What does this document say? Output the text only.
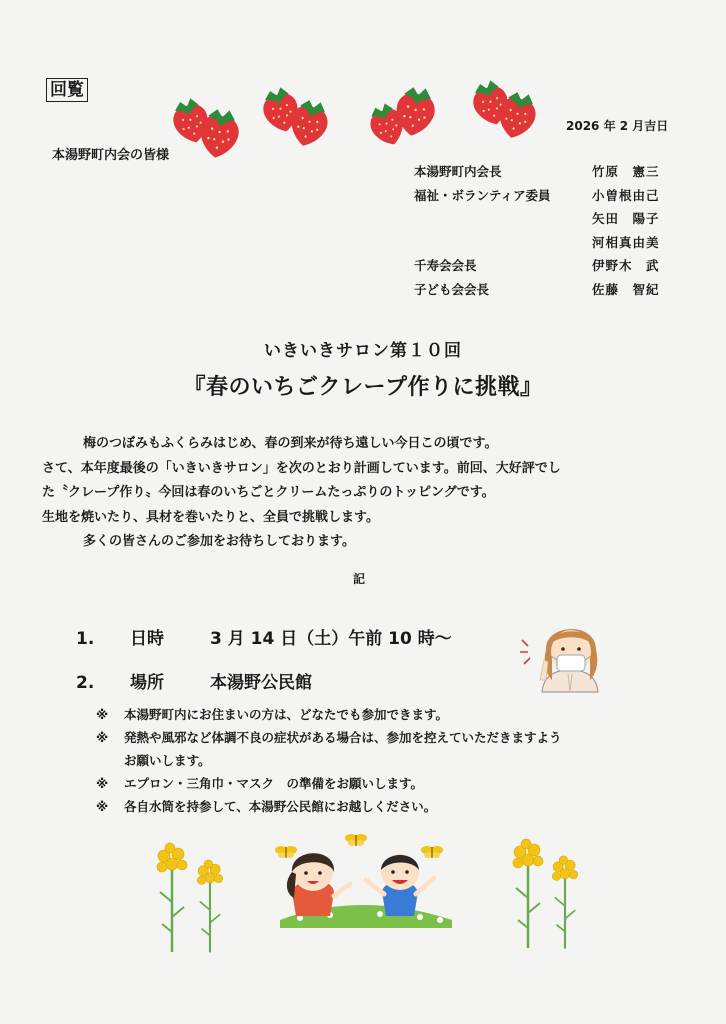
回覧
本湯野町内会の皆様
2026 年 2 月吉日
本湯野町内会長	竹原　憲三
福祉・ボランティア委員	小曽根由己
矢田　陽子
河相真由美
千寿会会長	伊野木　武
子ども会会長	佐藤　智紀
いきいきサロン第１０回
『春のいちごクレープ作りに挑戦』
　梅のつぼみもふくらみはじめ、春の到来が待ち遠しい今日この頃です。
さて、本年度最後の「いきいきサロン」を次のとおり計画しています。前回、大好評でし
た〝クレープ作り〟今回は春のいちごとクリームたっぷりのトッピングです。
生地を焼いたり、具材を巻いたりと、全員で挑戦します。
　多くの皆さんのご参加をお待ちしております。
記
1. 日時	3 月 14 日（土）午前 10 時～
2. 場所	本湯野公民館
※ 本湯野町内にお住まいの方は、どなたでも参加できます。
※ 発熱や風邪など体調不良の症状がある場合は、参加を控えていただきますよう
お願いします。
※ エプロン・三角巾・マスク　の準備をお願いします。
※ 各自水筒を持参して、本湯野公民館にお越しください。
